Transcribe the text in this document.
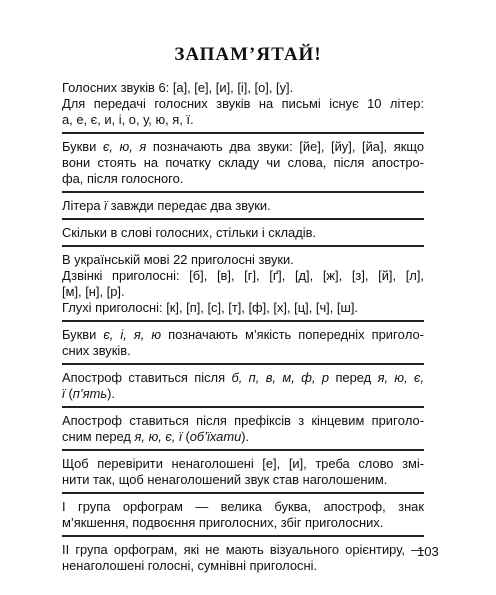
ЗАПАМ’ЯТАЙ!
Голосних звуків 6: [а], [е], [и], [і], [о], [у].
Для передачі голосних звуків на письмі існує 10 літер:
а, е, є, и, і, о, у, ю, я, ї.
Букви є, ю, я позначають два звуки: [йе], [йу], [йа], якщо
вони стоять на початку складу чи слова, після апостро-
фа, після голосного.
Літера ї завжди передає два звуки.
Скільки в слові голосних, стільки і складів.
В українській мові 22 приголосні звуки.
Дзвінкі приголосні: [б], [в], [г], [ґ], [д], [ж], [з], [й], [л],
[м], [н], [р].
Глухі приголосні: [к], [п], [с], [т], [ф], [х], [ц], [ч], [ш].
Букви є, і, я, ю позначають м’якість попередніх пригoло-
сних звуків.
Апостроф ставиться після б, п, в, м, ф, р перед я, ю, є,
ї (п’ять).
Апостроф ставиться після префіксів з кінцевим пригoло-
сним перед я, ю, є, ї (об’їхати).
Щоб перевірити ненаголошені [е], [и], треба слово змі-
нити так, щоб ненаголошений звук став наголошеним.
І група орфограм — велика буква, апостроф, знак
м’якшення, подвоєння приголосних, збіг приголосних.
ІІ група орфограм, які не мають візуального орієнтиру, —
ненаголошені голосні, сумнівні приголосні.
103
